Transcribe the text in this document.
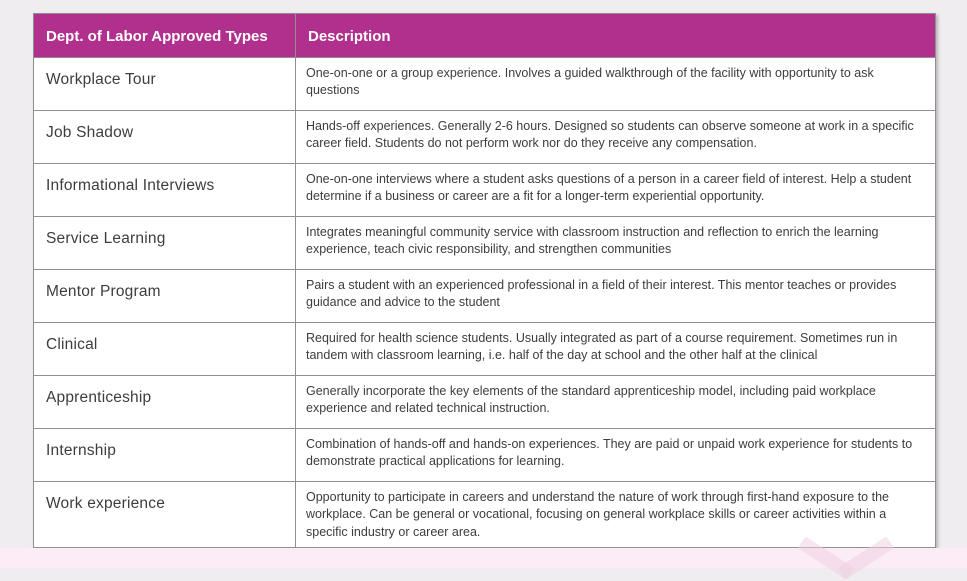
Dept. of Labor Approved Types	Description
Workplace Tour	One-on-one or a group experience. Involves a guided walkthrough of the facility with opportunity to ask questions
Job Shadow	Hands-off experiences. Generally 2-6 hours. Designed so students can observe someone at work in a specific career field. Students do not perform work nor do they receive any compensation.
Informational Interviews	One-on-one interviews where a student asks questions of a person in a career field of interest. Help a student determine if a business or career are a fit for a longer-term experiential opportunity.
Service Learning	Integrates meaningful community service with classroom instruction and reflection to enrich the learning experience, teach civic responsibility, and strengthen communities
Mentor Program	Pairs a student with an experienced professional in a field of their interest. This mentor teaches or provides guidance and advice to the student
Clinical	Required for health science students. Usually integrated as part of a course requirement. Sometimes run in tandem with classroom learning, i.e. half of the day at school and the other half at the clinical
Apprenticeship	Generally incorporate the key elements of the standard apprenticeship model, including paid workplace experience and related technical instruction.
Internship	Combination of hands-off and hands-on experiences. They are paid or unpaid work experience for students to demonstrate practical applications for learning.
Work experience	Opportunity to participate in careers and understand the nature of work through first-hand exposure to the workplace. Can be general or vocational, focusing on general workplace skills or career activities within a specific industry or career area.
